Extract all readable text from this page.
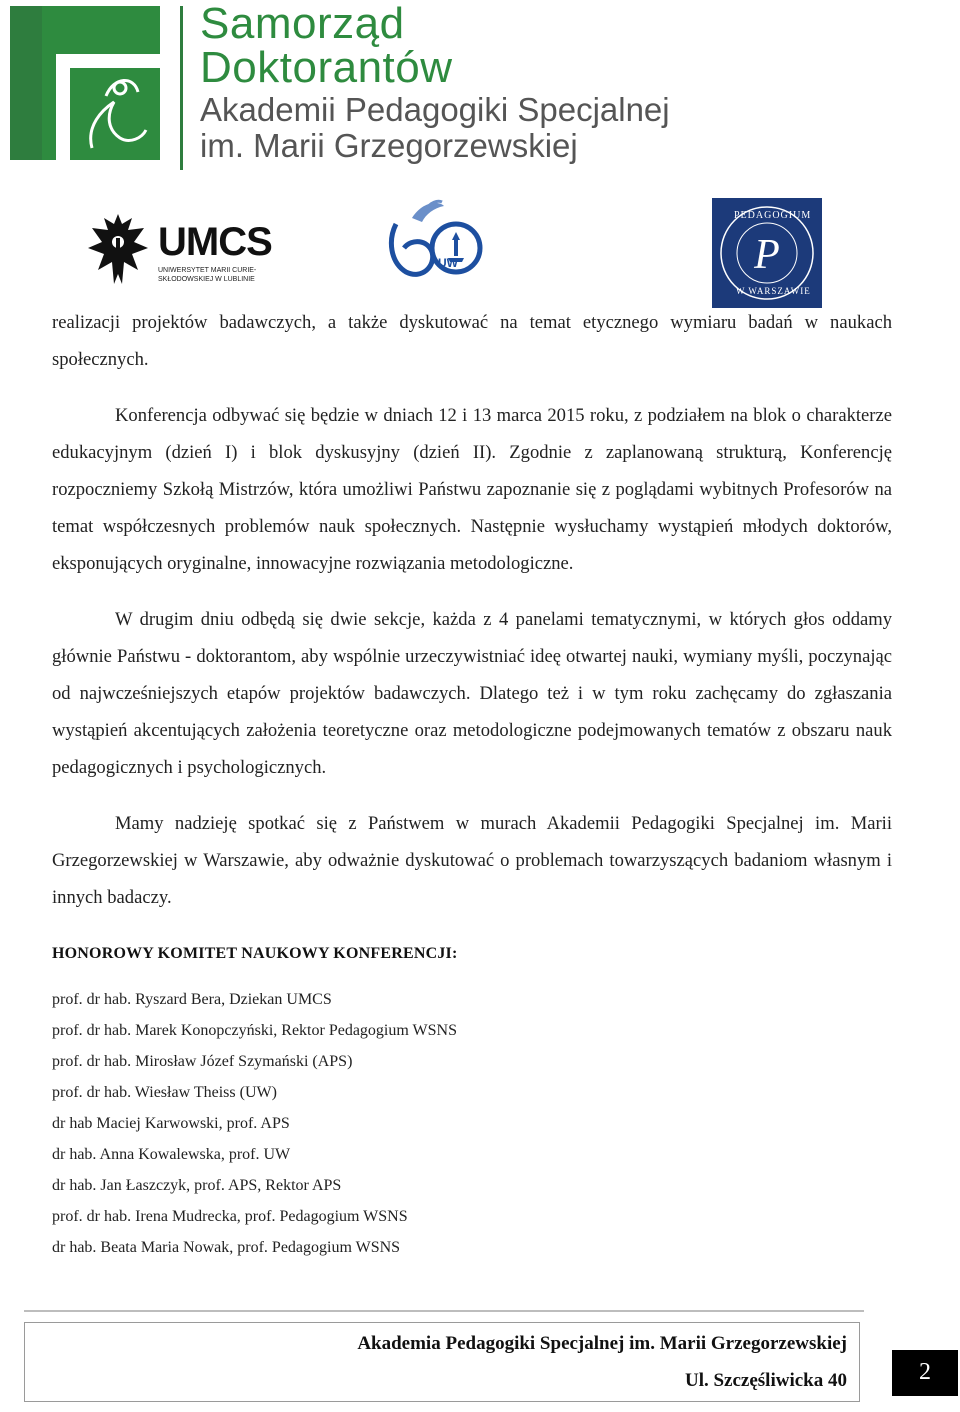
Samorząd
Doktorantów
Akademii Pedagogiki Specjalnej
im. Marii Grzegorzewskiej
UMCS
UNIWERSYTET MARII CURIE-SKŁODOWSKIEJ W LUBLINIE
UW	P
PEDAGOGIUM
W WARSZAWIE

realizacji projektów badawczych, a także dyskutować na temat etycznego wymiaru badań w naukach społecznych.

Konferencja odbywać się będzie w dniach 12 i 13 marca 2015 roku, z podziałem na blok o charakterze edukacyjnym (dzień I) i blok dyskusyjny (dzień II). Zgodnie z zaplanowaną strukturą, Konferencję rozpoczniemy Szkołą Mistrzów, która umożliwi Państwu zapoznanie się z poglądami wybitnych Profesorów na temat współczesnych problemów nauk społecznych. Następnie wysłuchamy wystąpień młodych doktorów, eksponujących oryginalne, innowacyjne rozwiązania metodologiczne.

W drugim dniu odbędą się dwie sekcje, każda z 4 panelami tematycznymi, w których głos oddamy głównie Państwu - doktorantom, aby wspólnie urzeczywistniać ideę otwartej nauki, wymiany myśli, poczynając od najwcześniejszych etapów projektów badawczych. Dlatego też i w tym roku zachęcamy do zgłaszania wystąpień akcentujących założenia teoretyczne oraz metodologiczne podejmowanych tematów z obszaru nauk pedagogicznych i psychologicznych.

Mamy nadzieję spotkać się z Państwem w murach Akademii Pedagogiki Specjalnej im. Marii Grzegorzewskiej w Warszawie, aby odważnie dyskutować o problemach towarzyszących badaniom własnym i innych badaczy.

HONOROWY KOMITET NAUKOWY KONFERENCJI:

prof. dr hab. Ryszard Bera, Dziekan UMCS
prof. dr hab. Marek Konopczyński, Rektor Pedagogium WSNS
prof. dr hab. Mirosław Józef Szymański (APS)
prof. dr hab. Wiesław Theiss (UW)
dr hab Maciej Karwowski, prof. APS
dr hab. Anna Kowalewska, prof. UW
dr hab. Jan Łaszczyk, prof. APS, Rektor APS
prof. dr hab. Irena Mudrecka, prof. Pedagogium WSNS
dr hab. Beata Maria Nowak, prof. Pedagogium WSNS
Akademia Pedagogiki Specjalnej im. Marii Grzegorzewskiej
Ul. Szczęśliwicka 40	2
